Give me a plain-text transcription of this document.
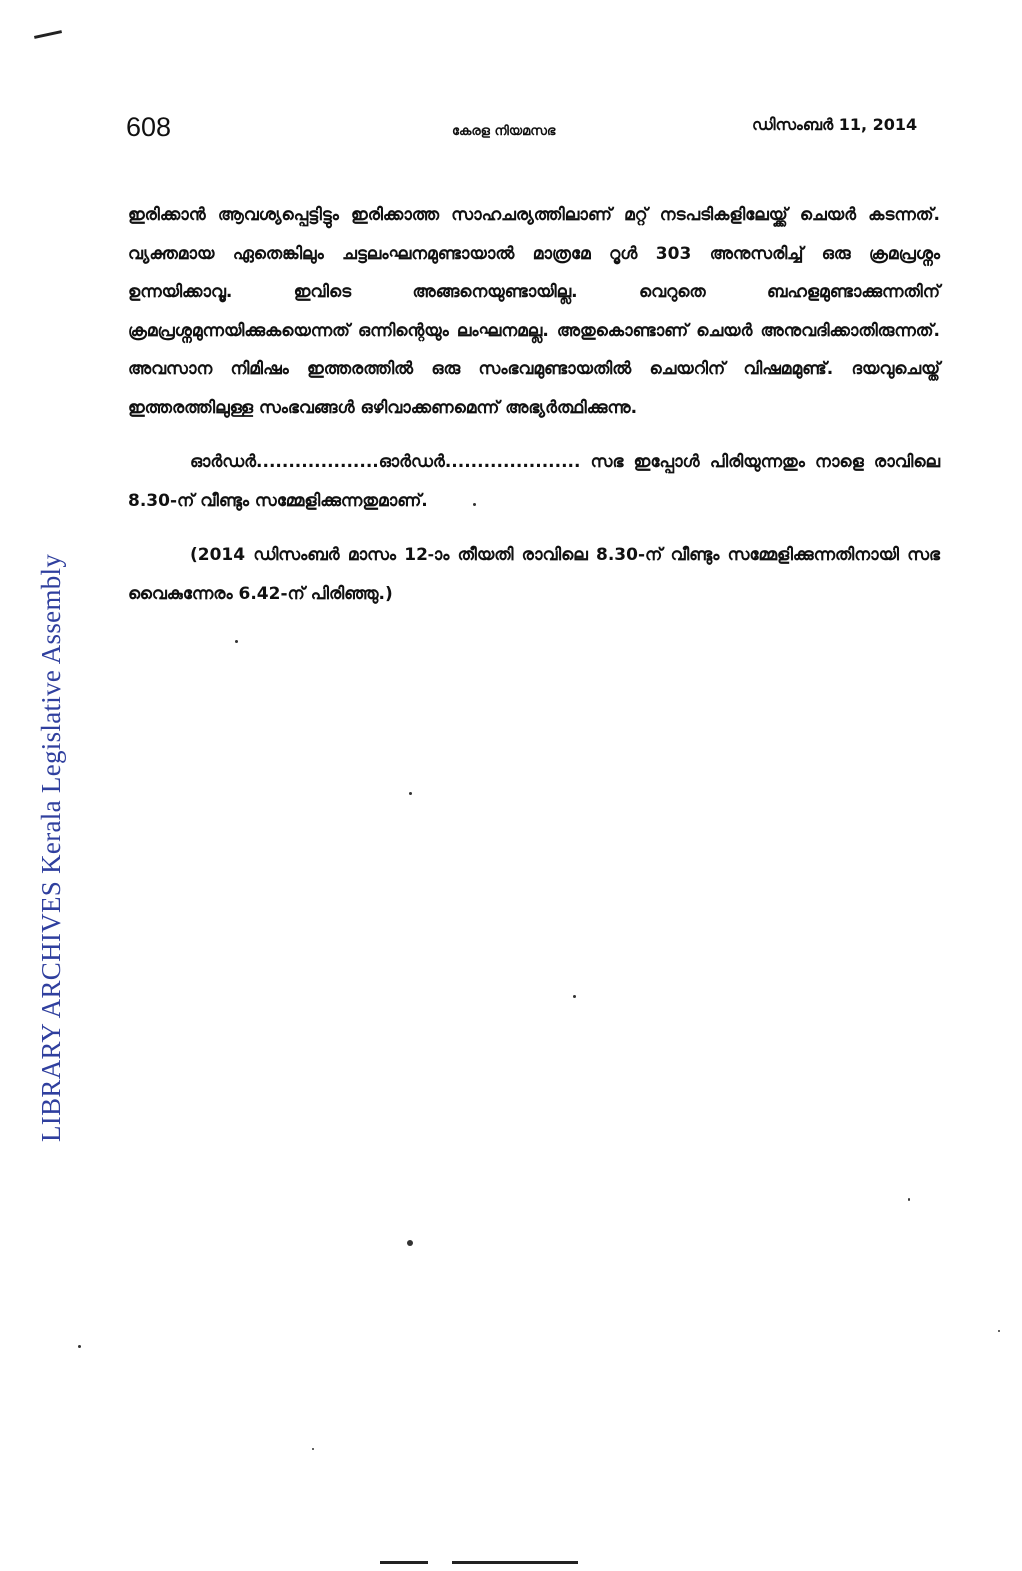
LIBRARY ARCHIVES Kerala Legislative Assembly
608	കേരള നിയമസഭ	ഡിസംബർ 11, 2014

ഇരിക്കാൻ ആവശ്യപ്പെട്ടിട്ടും ഇരിക്കാത്ത സാഹചര്യത്തിലാണ് മറ്റ് നടപടികളിലേയ്ക്ക് ചെയർ കടന്നത്. വ്യക്തമായ ഏതെങ്കിലും ചട്ടലംഘനമുണ്ടായാൽ മാത്രമേ റൂൾ 303 അനുസരിച്ച് ഒരു ക്രമപ്രശ്നം ഉന്നയിക്കാവൂ. ഇവിടെ അങ്ങനെയുണ്ടായില്ല. വെറുതെ ബഹളമുണ്ടാക്കുന്നതിന് ക്രമപ്രശ്നമുന്നയിക്കുകയെന്നത് ഒന്നിന്റെയും ലംഘനമല്ല. അതുകൊണ്ടാണ് ചെയർ അനുവദിക്കാതിരുന്നത്. അവസാന നിമിഷം ഇത്തരത്തിൽ ഒരു സംഭവമുണ്ടായതിൽ ചെയറിന് വിഷമമുണ്ട്. ദയവുചെയ്ത് ഇത്തരത്തിലുള്ള സംഭവങ്ങൾ ഒഴിവാക്കണമെന്ന് അഭ്യർത്ഥിക്കുന്നു.

ഓർഡർ...................ഓർഡർ..................... സഭ ഇപ്പോൾ പിരിയുന്നതും നാളെ രാവിലെ 8.30-ന് വീണ്ടും സമ്മേളിക്കുന്നതുമാണ്.

(2014 ഡിസംബർ മാസം 12-ാം തീയതി രാവിലെ 8.30-ന് വീണ്ടും സമ്മേളിക്കുന്നതിനായി സഭ വൈകുന്നേരം 6.42-ന് പിരിഞ്ഞു.)
